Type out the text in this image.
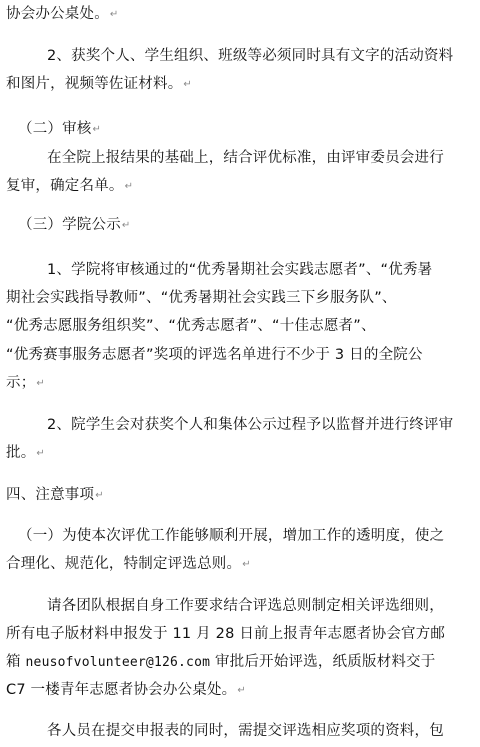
协会办公桌处。↵
2、获奖个人、学生组织、班级等必须同时具有文字的活动资料
和图片，视频等佐证材料。↵
（二）审核↵
在全院上报结果的基础上，结合评优标准，由评审委员会进行
复审，确定名单。↵
（三）学院公示↵
1、学院将审核通过的“优秀暑期社会实践志愿者”、“优秀暑
期社会实践指导教师”、“优秀暑期社会实践三下乡服务队”、
“优秀志愿服务组织奖”、“优秀志愿者”、“十佳志愿者”、
“优秀赛事服务志愿者”奖项的评选名单进行不少于 3 日的全院公
示；↵
2、院学生会对获奖个人和集体公示过程予以监督并进行终评审
批。↵
四、注意事项↵
（一）为使本次评优工作能够顺利开展，增加工作的透明度，使之
合理化、规范化，特制定评选总则。↵
请各团队根据自身工作要求结合评选总则制定相关评选细则，
所有电子版材料申报发于 11 月 28 日前上报青年志愿者协会官方邮
箱 neusofvolunteer@126.com 审批后开始评选，纸质版材料交于
C7 一楼青年志愿者协会办公桌处。↵
各人员在提交申报表的同时，需提交评选相应奖项的资料，包
